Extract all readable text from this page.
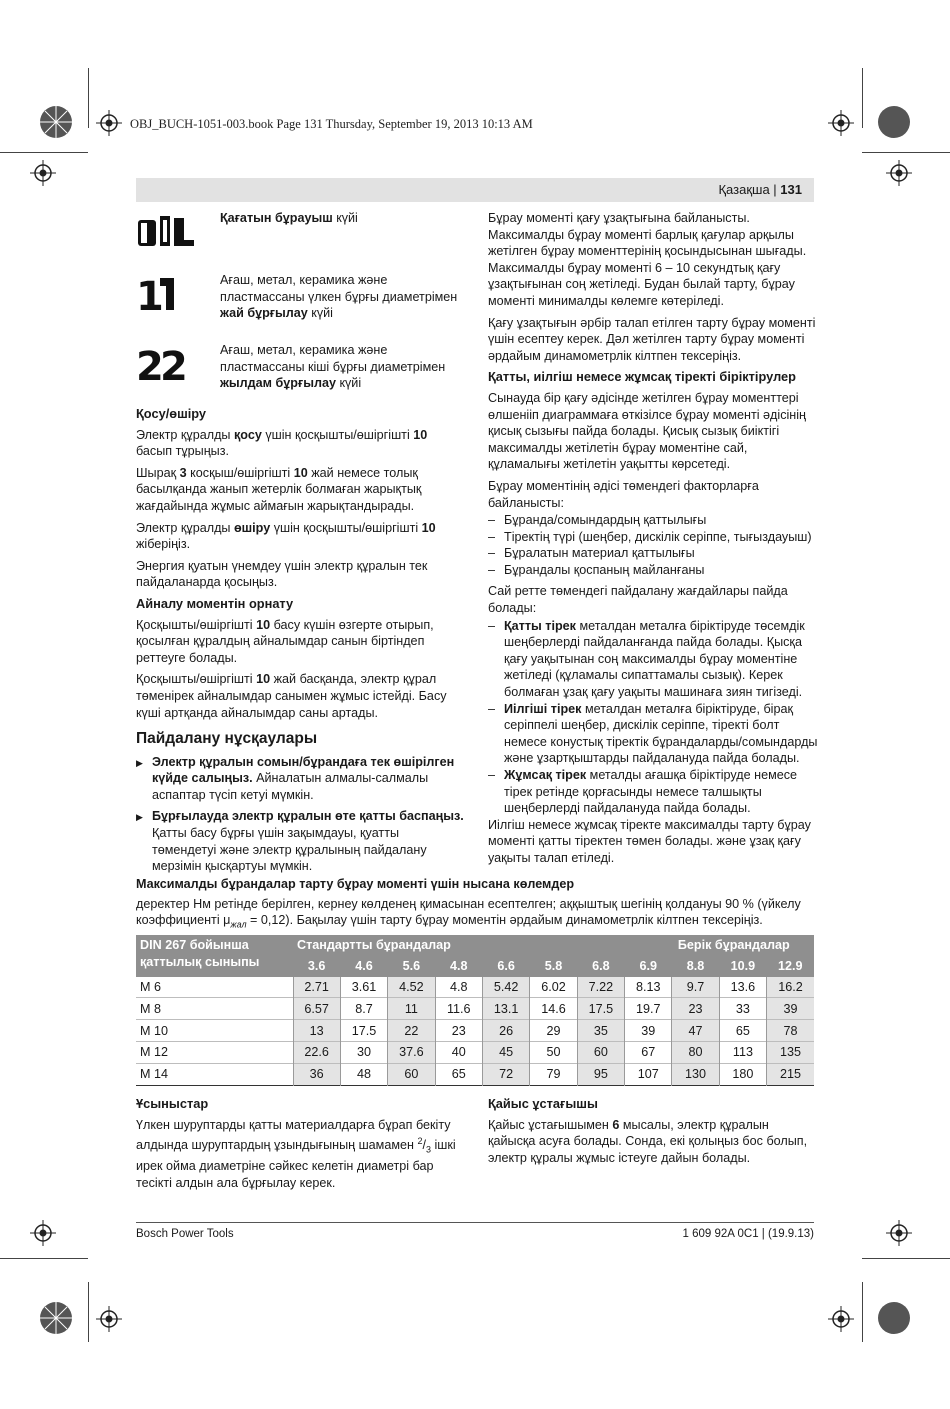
OBJ_BUCH-1051-003.book Page 131 Thursday, September 19, 2013 10:13 AM
Қазақша | 131
Қағатын бұрауыш күйі
1	Ағаш, метал, керамика және пластмассаны үлкен бұрғы диаметрімен жай бұрғылау күйі
2
2	Ағаш, метал, керамика және пластмассаны кіші бұрғы диаметрімен жылдам бұрғылау күйі
Қосу/өшіру

Электр құралды қосу үшін қосқышты/өшіргішті 10 басып тұрыңыз.

Шырақ 3 косқыш/өшіргішті 10 жай немесе толық басылқанда жанып жетерлік болмаған жарықтық жағдайында жұмыс аймағын жарықтандырады.

Электр құралды өшіру үшін қосқышты/өшіргішті 10 жіберіңіз.

Энергия қуатын үнемдеу үшін электр құралын тек пайдаланарда қосыңыз.

Айналу моментін орнату

Қосқышты/өшіргішті 10 басу күшін өзгерте отырып, қосылған құралдың айналымдар санын біртіндеп реттеуге болады.

Қосқышты/өшіргішті 10 жай басқанда, электр құрал төменірек айналымдар санымен жұмыс істейді. Басу күші артқанда айналымдар саны артады.

Пайдалану нұсқаулары
▶ Электр құралын сомын/бұрандаға тек өшірілген күйде салыңыз. Айналатын алмалы-салмалы аспаптар түсіп кетуі мүмкін.
▶ Бұрғылауда электр құралын өте қатты баспаңыз. Қатты басу бұрғы үшін зақымдауы, қуатты төмендетуі және электр құралының пайдалану мерзімін қысқартуы мүмкін.

Бұрау моменті қағу ұзақтығына байланысты. Максималды бұрау моменті барлық қағулар арқылы жетілген бұрау моменттерінің қосындысынан шығады. Максималды бұрау моменті 6 – 10 секундтық қағу ұзақтығынан соң жетіледі. Будан былай тарту, бұрау моменті минималды көлемге көтеріледі.

Қағу ұзақтығын әрбір талап етілген тарту бұрау моменті үшін есептеу керек. Дәл жетілген тарту бұрау моменті әрдайым динамометрлік кілтпен тексеріңіз.

Қатты, иілгіш немесе жұмсақ тіректі біріктірулер

Сынауда бір қағу әдісінде жетілген бұрау моменттері өлшенііп диаграммаға өткізілсе бұрау моменті әдісінің қисық сызығы пайда болады. Қисық сызық биіктігі максималды жетілетін бұрау моментіне сай, құламалығы жетілетін уақытты көрсетеді.

Бұрау моментінің әдісі төмендегі факторларға байланысты:

– Бұранда/сомындардың қаттылығы
– Тіректің түрі (шеңбер, дискілік серіппе, тығыздауыш)
– Бұралатын материал қаттылығы
– Бұрандалы қоспаның майланғаны

Сай ретте төмендегі пайдалану жағдайлары пайда болады:

– Қатты тірек металдан металға біріктіруде төсемдік шеңберлерді пайдаланғанда пайда болады. Қысқа қағу уақытынан соң максималды бұрау моментіне жетіледі (құламалы сипаттамалы сызық). Керек болмаған ұзақ қағу уақыты машинаға зиян тигізеді.
– Иілгіші тірек металдан металға біріктіруде, бірақ серіппелі шеңбер, дискілік серіппе, тіректі болт немесе конустық тіректік бұрандаларды/сомындарды және ұзартқыштарды пайдалануда пайда болады.
– Жұмсақ тірек металды ағашқа біріктіруде немесе тірек ретінде қорғасынды немесе талшықты шеңберлерді пайдалануда пайда болады.

Иілгіш немесе жұмсақ тіректе максималды тарту бұрау моменті қатты тіректен төмен болады. және ұзақ қағу уақыты талап етіледі.

Максималды бұрандалар тарту бұрау моменті үшін нысана көлемдер
деректер Нм ретінде берілген, кернеу көлденең қимасынан есептелген; аққыштық шегінің қолдануы 90 % (үйкелу коэффициенті $\mu_{жал} = 0,12$). Бақылау үшін тарту бұрау моментін әрдайым динамометрлік кілтпен тексеріңіз.
DIN 267 бойынша қаттылық сыныпы	Стандартты бұрандалар								Берік бұрандалар		
	3.6	4.6	5.6	4.8	6.6	5.8	6.8	6.9	8.8	10.9	12.9
M 6	2.71	3.61	4.52	4.8	5.42	6.02	7.22	8.13	9.7	13.6	16.2
M 8	6.57	8.7	11	11.6	13.1	14.6	17.5	19.7	23	33	39
M 10	13	17.5	22	23	26	29	35	39	47	65	78
M 12	22.6	30	37.6	40	45	50	60	67	80	113	135
M 14	36	48	60	65	72	79	95	107	130	180	215
Ұсыныстар

Үлкен шуруптарды қатты материалдарға бұрап бекіту алдында шуруптардың ұзындығының шамамен $^2/_3$ ішкі ирек ойма диаметріне сәйкес келетін диаметрі бар тесікті алдын ала бұрғылау керек.

Қайыс ұстағышы

Қайыс ұстағышымен 6 мысалы, электр құралын қайысқа асуға болады. Сонда, екі қолыңыз бос болып, электр құралы жұмыс істеуге дайын болады.

Bosch Power Tools	1 609 92A 0C1 | (19.9.13)
